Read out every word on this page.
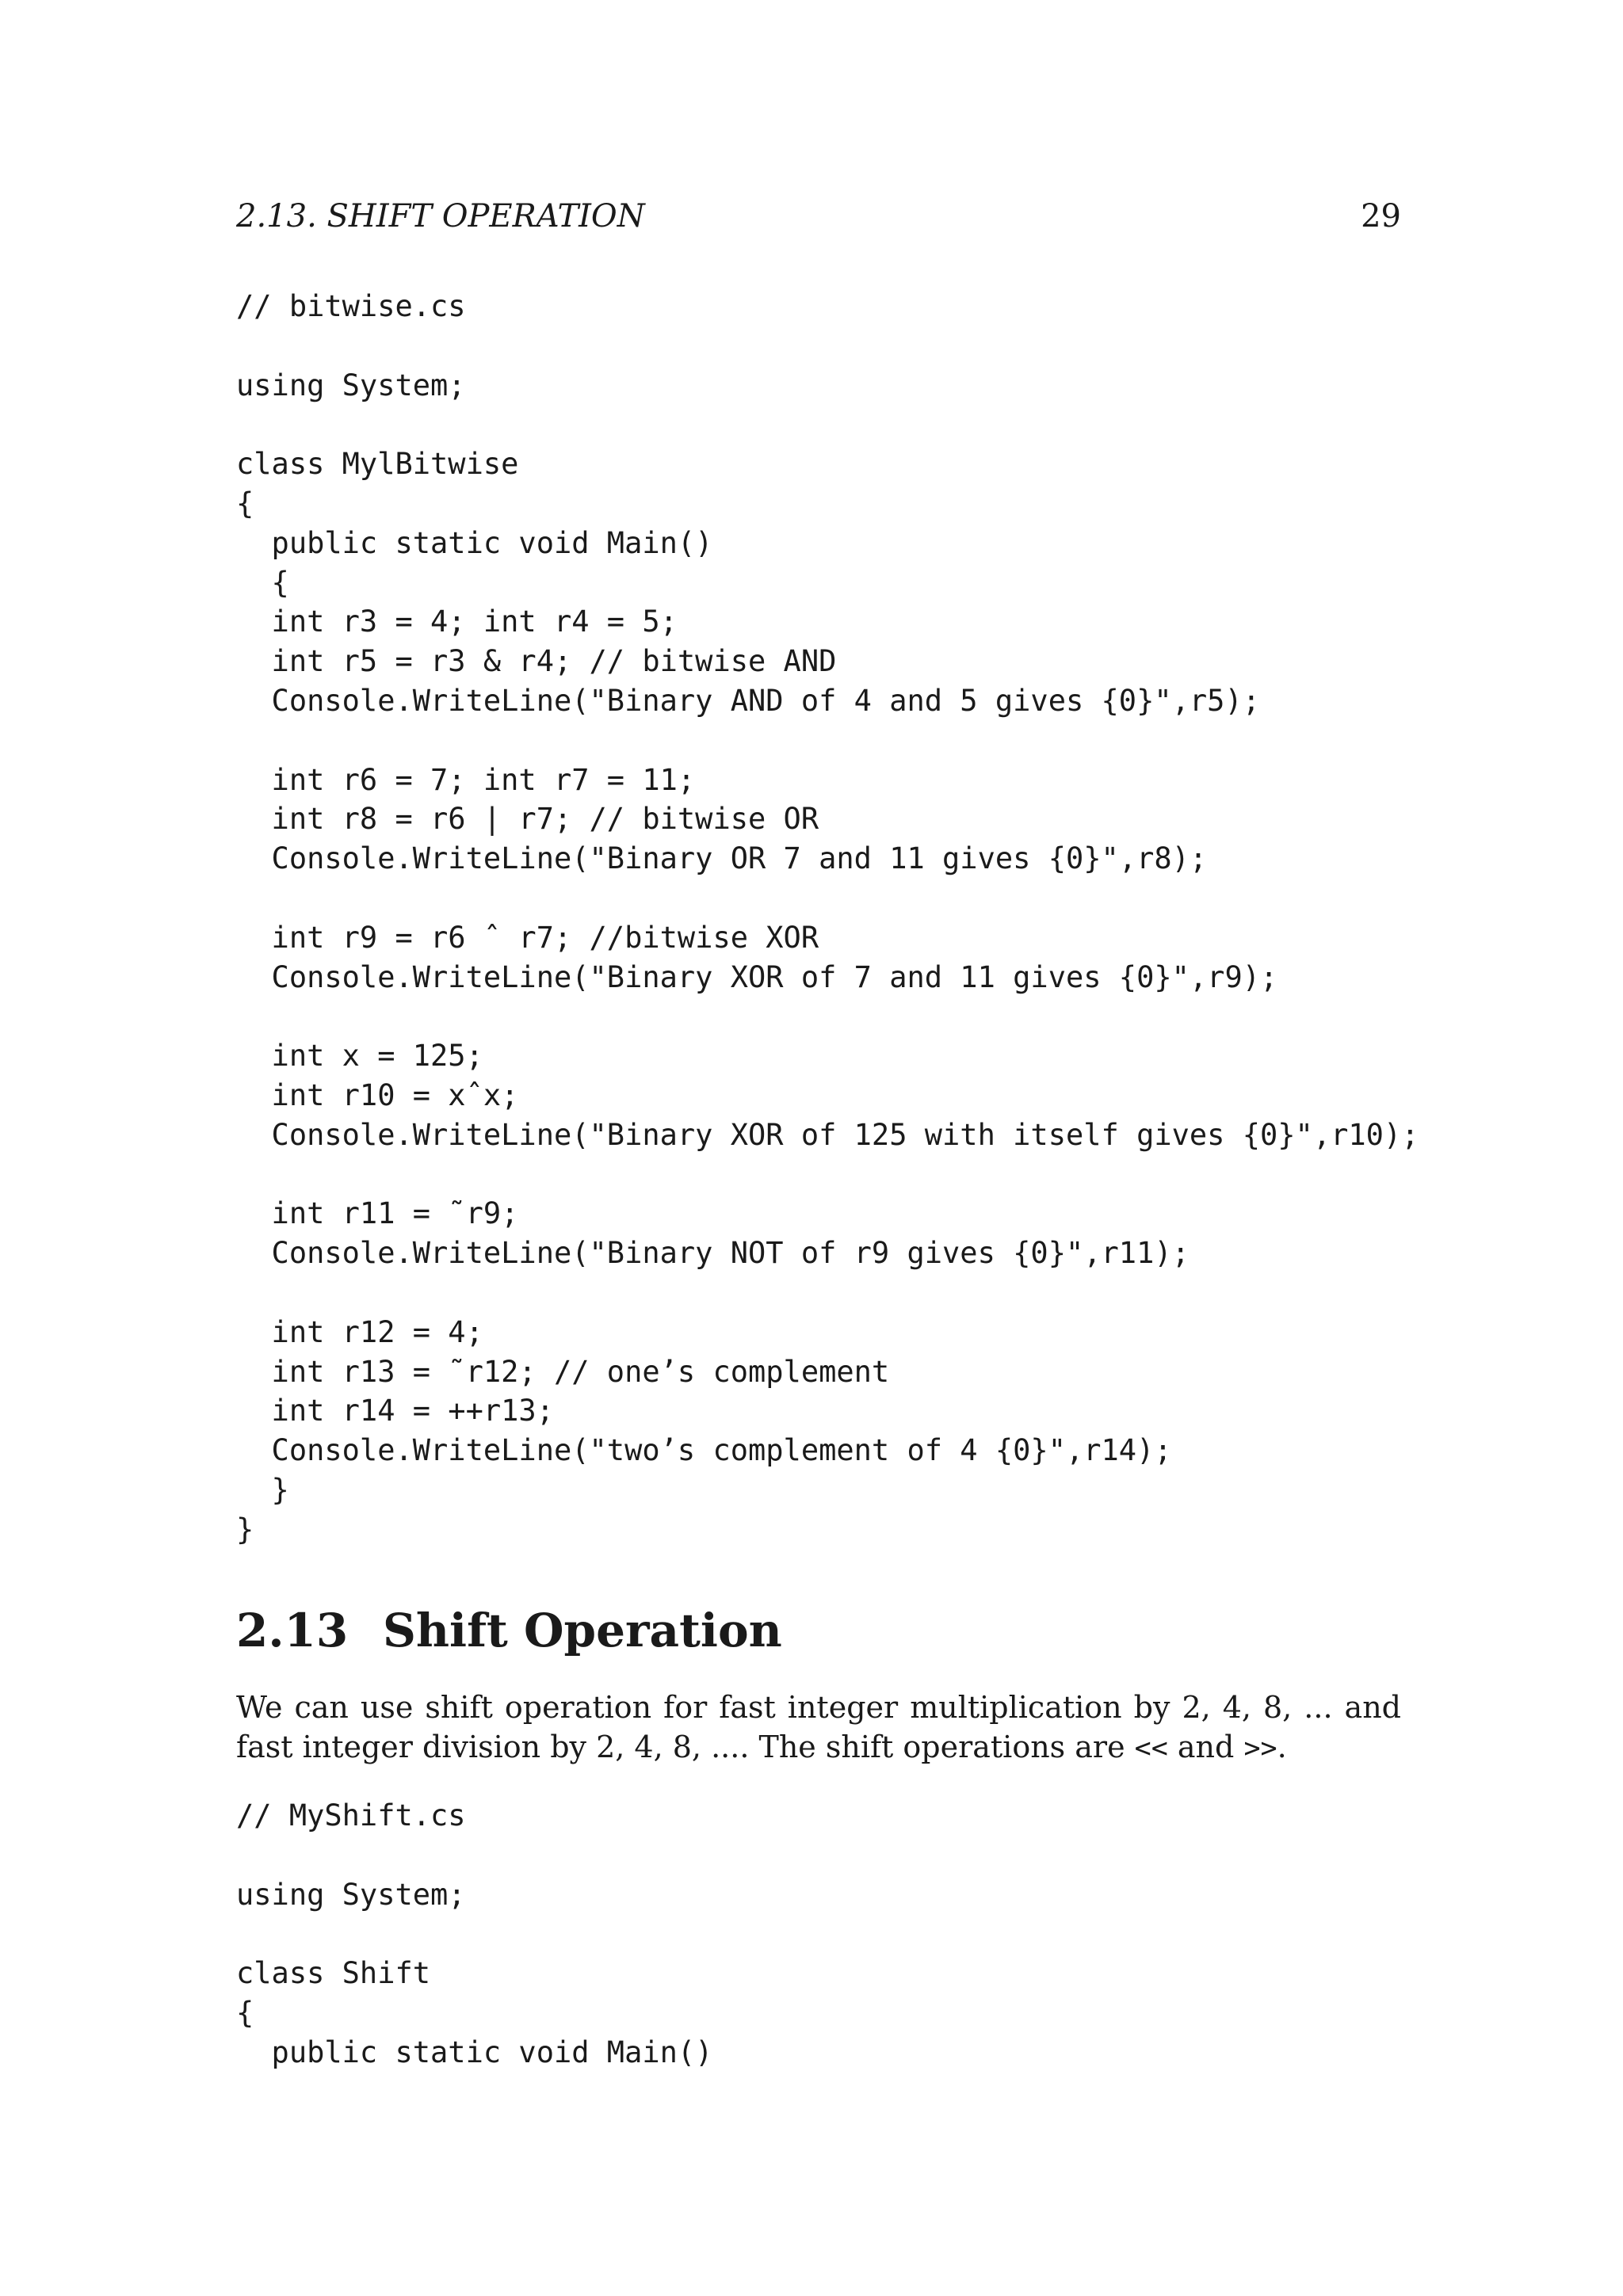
2.13. SHIFT OPERATION	29
// bitwise.cs
using System;
class MylBitwise
{
public static void Main()
{
int r3 = 4; int r4 = 5;
int r5 = r3 & r4; // bitwise AND
Console.WriteLine("Binary AND of 4 and 5 gives {0}",r5);
int r6 = 7; int r7 = 11;
int r8 = r6 | r7; // bitwise OR
Console.WriteLine("Binary OR 7 and 11 gives {0}",r8);
int r9 = r6 ˆ r7; //bitwise XOR
Console.WriteLine("Binary XOR of 7 and 11 gives {0}",r9);
int x = 125;
int r10 = xˆx;
Console.WriteLine("Binary XOR of 125 with itself gives {0}",r10);
int r11 = ˜r9;
Console.WriteLine("Binary NOT of r9 gives {0}",r11);
int r12 = 4;
int r13 = ˜r12; // one’s complement
int r14 = ++r13;
Console.WriteLine("two’s complement of 4 {0}",r14);
}
}
2.13 Shift Operation

We can use shift operation for fast integer multiplication by 2, 4, 8, ... and fast integer division by 2, 4, 8, .... The shift operations are << and >>.

// MyShift.cs
using System;
class Shift
{
public static void Main()
